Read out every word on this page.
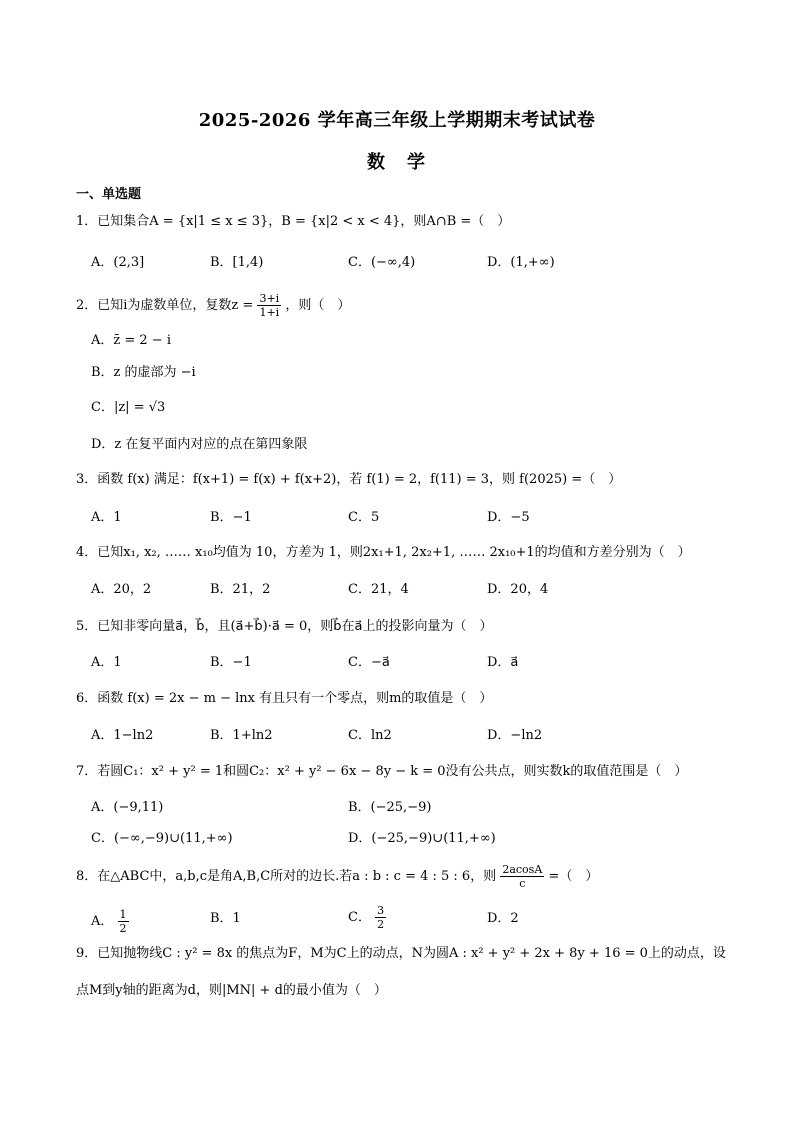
2025-2026 学年高三年级上学期期末考试试卷
数　学
一、单选题
1．已知集合A = {x|1 ≤ x ≤ 3}，B = {x|2 < x < 4}，则A∩B =（　）
A．(2,3]	B．[1,4)	C．(−∞,4)	D．(1,+∞)
2．已知i为虚数单位，复数$z = \frac{3+i}{1+i}$ ，则（　）
A．z̄ = 2 − i
B．z 的虚部为 −i
C．|z| = √3
D．z 在复平面内对应的点在第四象限
3．函数 f(x) 满足：f(x+1) = f(x) + f(x+2)，若 f(1) = 2，f(11) = 3，则 f(2025) =（　）
A．1	B．−1	C．5	D．−5
4．已知x₁, x₂, …… x₁₀均值为 10，方差为 1，则2x₁+1, 2x₂+1, …… 2x₁₀+1的均值和方差分别为（　）
A．20，2	B．21，2	C．21，4	D．20，4
5．已知非零向量a⃗，b⃗，且(a⃗+b⃗)·a⃗ = 0，则b⃗在a⃗上的投影向量为（　）
A．1	B．−1	C．−a⃗	D．a⃗
6．函数 f(x) = 2x − m − lnx 有且只有一个零点，则m的取值是（　）
A．1−ln2	B．1+ln2	C．ln2	D．−ln2
7．若圆C₁：x² + y² = 1和圆C₂：x² + y² − 6x − 8y − k = 0没有公共点，则实数k的取值范围是（　）
A．(−9,11)	B．(−25,−9)
C．(−∞,−9)∪(11,+∞)	D．(−25,−9)∪(11,+∞)
8．在△ABC中，a,b,c是角A,B,C所对的边长.若a : b : c = 4 : 5 : 6，则 $\frac{2acosA}{c}$ =（　）
A． $\frac{1}{2}$	B．1	C． $\frac{3}{2}$	D．2
9．已知抛物线C : y² = 8x 的焦点为F，M为C上的动点，N为圆A : x² + y² + 2x + 8y + 16 = 0上的动点，设
点M到y轴的距离为d，则|MN| + d的最小值为（　）
